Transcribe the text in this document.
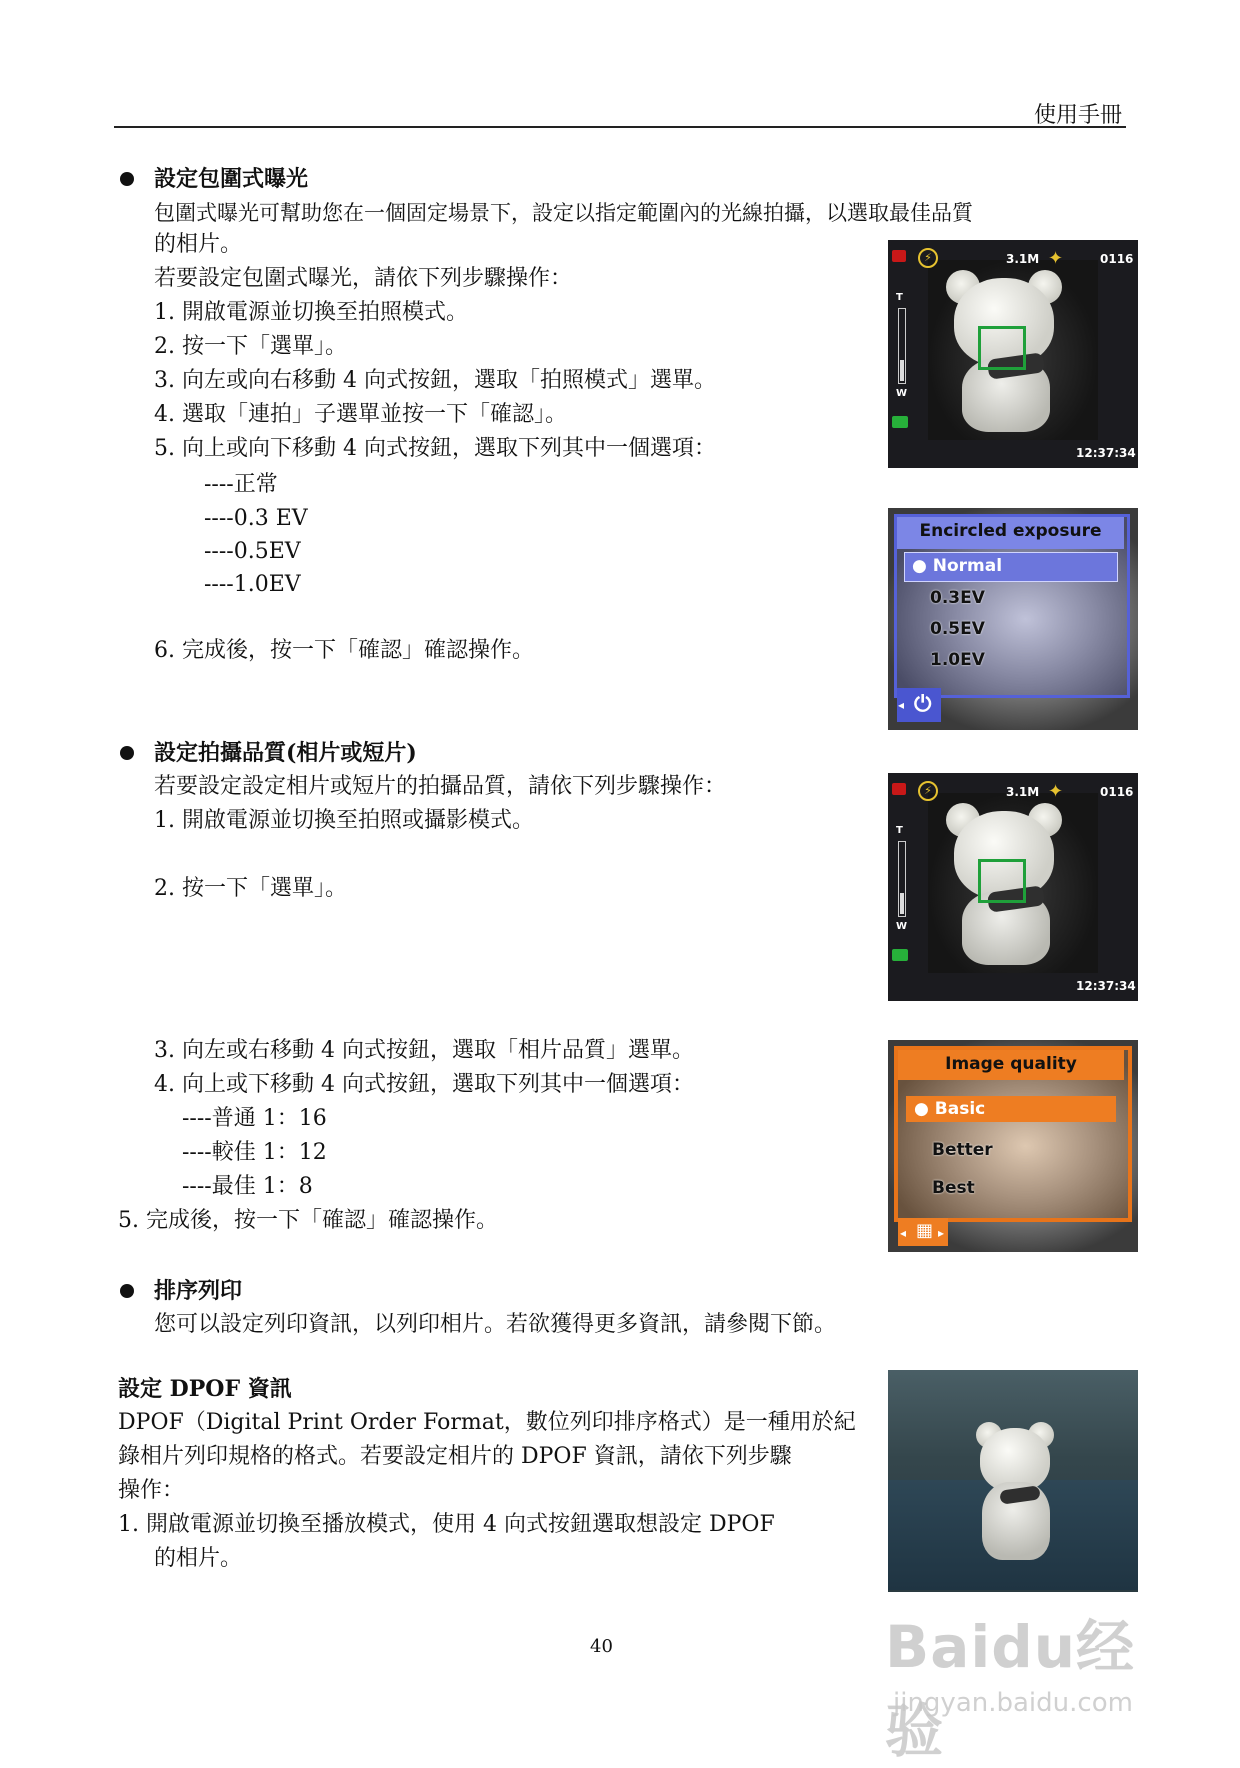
使用手冊
設定包圍式曝光
包圍式曝光可幫助您在一個固定場景下，設定以指定範圍內的光線拍攝，以選取最佳品質
的相片。
若要設定包圍式曝光，請依下列步驟操作：
1. 開啟電源並切換至拍照模式。
2. 按一下「選單」。
3. 向左或向右移動 4 向式按鈕，選取「拍照模式」選單。
4. 選取「連拍」子選單並按一下「確認」。
5. 向上或向下移動 4 向式按鈕，選取下列其中一個選項：
----正常
----0.3 EV
----0.5EV
----1.0EV
6. 完成後，按一下「確認」確認操作。
⚡	3.1M ✦	0116
T
W
12:37:34
Encircled exposure
● Normal
0.3EV
0.5EV
1.0EV
⏻
◂
設定拍攝品質(相片或短片)
若要設定設定相片或短片的拍攝品質，請依下列步驟操作：
1. 開啟電源並切換至拍照或攝影模式。
2. 按一下「選單」。
⚡	3.1M ✦	0116
T
W
12:37:34
3. 向左或右移動 4 向式按鈕，選取「相片品質」選單。
4. 向上或下移動 4 向式按鈕，選取下列其中一個選項：
----普通 1：16
----較佳 1：12
----最佳 1：8
5. 完成後，按一下「確認」確認操作。
Image quality
● Basic
Better
Best
▦
◂	▸
排序列印
您可以設定列印資訊，以列印相片。若欲獲得更多資訊，請參閱下節。
設定 DPOF 資訊
DPOF（Digital Print Order Format，數位列印排序格式）是一種用於紀
錄相片列印規格的格式。若要設定相片的 DPOF 資訊，請依下列步驟
操作：
1. 開啟電源並切換至播放模式，使用 4 向式按鈕選取想設定 DPOF
的相片。
40	Baidu经验
jingyan.baidu.com
